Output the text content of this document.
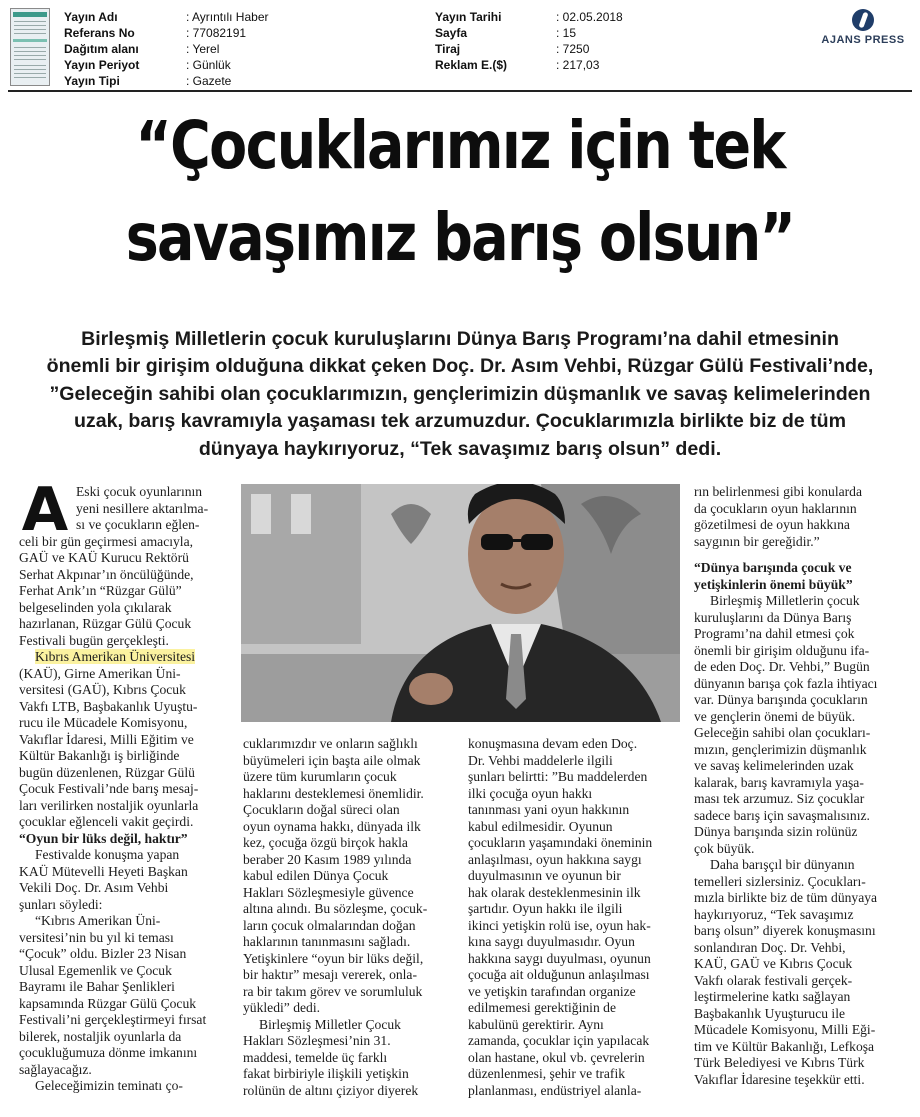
Yayın Adı	: Ayrıntılı Haber
Referans No	: 77082191
Dağıtım alanı	: Yerel
Yayın Periyot	: Günlük
Yayın Tipi	: Gazete
Yayın Tarihi	: 02.05.2018
Sayfa	: 15
Tiraj	: 7250
Reklam E.($)	: 217,03
AJANS PRESS
“Çocuklarımız için tek
savaşımız barış olsun”
Birleşmiş Milletlerin çocuk kuruluşlarını Dünya Barış Programı’na dahil etmesinin
önemli bir girişim olduğuna dikkat çeken Doç. Dr. Asım Vehbi, Rüzgar Gülü Festivali’nde,
”Geleceğin sahibi olan çocuklarımızın, gençlerimizin düşmanlık ve savaş kelimelerinden
uzak, barış kavramıyla yaşaması tek arzumuzdur. Çocuklarımızla birlikte biz de tüm
dünyaya haykırıyoruz, “Tek savaşımız barış olsun” dedi.
A Eski çocuk oyunlarının

yeni nesillere aktarılma-

sı ve çocukların eğlen-

celi bir gün geçirmesi amacıyla,

GAÜ ve KAÜ Kurucu Rektörü

Serhat Akpınar’ın öncülüğünde,

Ferhat Arık’ın “Rüzgar Gülü”

belgeselinden yola çıkılarak

hazırlanan, Rüzgar Gülü Çocuk

Festivali bugün gerçekleşti.

Kıbrıs Amerikan Üniversitesi

(KAÜ), Girne Amerikan Üni-

versitesi (GAÜ), Kıbrıs Çocuk

Vakfı LTB, Başbakanlık Uyuştu-

rucu ile Mücadele Komisyonu,

Vakıflar İdaresi, Milli Eğitim ve

Kültür Bakanlığı iş birliğinde

bugün düzenlenen, Rüzgar Gülü

Çocuk Festivali’nde barış mesaj-

ları verilirken nostaljik oyunlarla

çocuklar eğlenceli vakit geçirdi.

“Oyun bir lüks değil, haktır”

Festivalde konuşma yapan

KAÜ Mütevelli Heyeti Başkan

Vekili Doç. Dr. Asım Vehbi

şunları söyledi:

“Kıbrıs Amerikan Üni-

versitesi’nin bu yıl ki teması

“Çocuk” oldu. Bizler 23 Nisan

Ulusal Egemenlik ve Çocuk

Bayramı ile Bahar Şenlikleri

kapsamında Rüzgar Gülü Çocuk

Festivali’ni gerçekleştirmeyi fırsat

bilerek, nostaljik oyunlarla da

çocukluğumuza dönme imkanını

sağlayacağız.

Geleceğimizin teminatı ço-

cuklarımızdır ve onların sağlıklı

büyümeleri için başta aile olmak

üzere tüm kurumların çocuk

haklarını desteklemesi önemlidir.

Çocukların doğal süreci olan

oyun oynama hakkı, dünyada ilk

kez, çocuğa özgü birçok hakla

beraber 20 Kasım 1989 yılında

kabul edilen Dünya Çocuk

Hakları Sözleşmesiyle güvence

altına alındı. Bu sözleşme, çocuk-

ların çocuk olmalarından doğan

haklarının tanınmasını sağladı.

Yetişkinlere “oyun bir lüks değil,

bir haktır” mesajı vererek, onla-

ra bir takım görev ve sorumluluk

yükledi” dedi.

Birleşmiş Milletler Çocuk

Hakları Sözleşmesi’nin 31.

maddesi, temelde üç farklı

fakat birbiriyle ilişkili yetişkin

rolünün de altını çiziyor diyerek

konuşmasına devam eden Doç.

Dr. Vehbi maddelerle ilgili

şunları belirtti: ”Bu maddelerden

ilki çocuğa oyun hakkı

tanınması yani oyun hakkının

kabul edilmesidir. Oyunun

çocukların yaşamındaki öneminin

anlaşılması, oyun hakkına saygı

duyulmasının ve oyunun bir

hak olarak desteklenmesinin ilk

şartıdır. Oyun hakkı ile ilgili

ikinci yetişkin rolü ise, oyun hak-

kına saygı duyulmasıdır. Oyun

hakkına saygı duyulması, oyunun

çocuğa ait olduğunun anlaşılması

ve yetişkin tarafından organize

edilmemesi gerektiğinin de

kabulünü gerektirir. Aynı

zamanda, çocuklar için yapılacak

olan hastane, okul vb. çevrelerin

düzenlenmesi, şehir ve trafik

planlanması, endüstriyel alanla-

rın belirlenmesi gibi konularda

da çocukların oyun haklarının

gözetilmesi de oyun hakkına

saygının bir gereğidir.”

“Dünya barışında çocuk ve

yetişkinlerin önemi büyük”

Birleşmiş Milletlerin çocuk

kuruluşlarını da Dünya Barış

Programı’na dahil etmesi çok

önemli bir girişim olduğunu ifa-

de eden Doç. Dr. Vehbi,” Bugün

dünyanın barışa çok fazla ihtiyacı

var. Dünya barışında çocukların

ve gençlerin önemi de büyük.

Geleceğin sahibi olan çocukları-

mızın, gençlerimizin düşmanlık

ve savaş kelimelerinden uzak

kalarak, barış kavramıyla yaşa-

ması tek arzumuz. Siz çocuklar

sadece barış için savaşmalısınız.

Dünya barışında sizin rolünüz

çok büyük.

Daha barışçıl bir dünyanın

temelleri sizlersiniz. Çocukları-

mızla birlikte biz de tüm dünyaya

haykırıyoruz, “Tek savaşımız

barış olsun” diyerek konuşmasını

sonlandıran Doç. Dr. Vehbi,

KAÜ, GAÜ ve Kıbrıs Çocuk

Vakfı olarak festivali gerçek-

leştirmelerine katkı sağlayan

Başbakanlık Uyuşturucu ile

Mücadele Komisyonu, Milli Eği-

tim ve Kültür Bakanlığı, Lefkoşa

Türk Belediyesi ve Kıbrıs Türk

Vakıflar İdaresine teşekkür etti.
